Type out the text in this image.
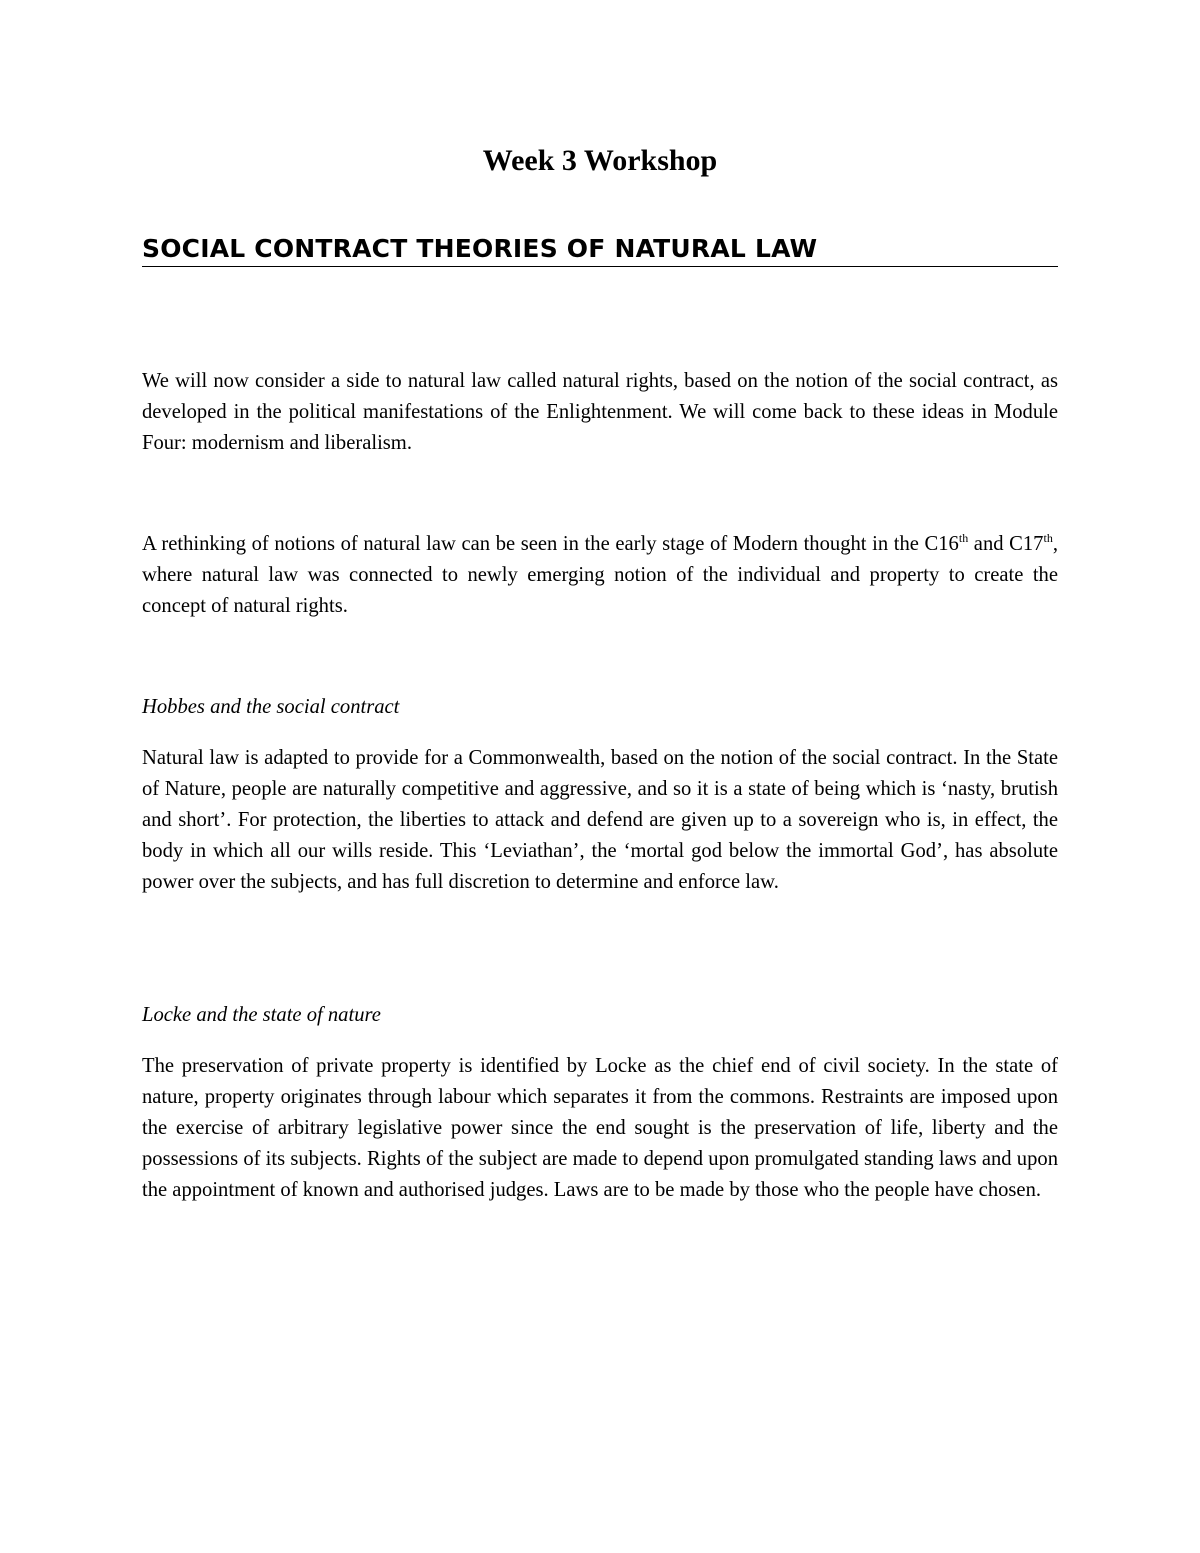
Week 3 Workshop
SOCIAL CONTRACT THEORIES OF NATURAL LAW

We will now consider a side to natural law called natural rights, based on the notion of the social contract, as developed in the political manifestations of the Enlightenment. We will come back to these ideas in Module Four: modernism and liberalism.

A rethinking of notions of natural law can be seen in the early stage of Modern thought in the C16th and C17th, where natural law was connected to newly emerging notion of the individual and property to create the concept of natural rights.

Hobbes and the social contract

Natural law is adapted to provide for a Commonwealth, based on the notion of the social contract. In the State of Nature, people are naturally competitive and aggressive, and so it is a state of being which is ‘nasty, brutish and short’. For protection, the liberties to attack and defend are given up to a sovereign who is, in effect, the body in which all our wills reside. This ‘Leviathan’, the ‘mortal god below the immortal God’, has absolute power over the subjects, and has full discretion to determine and enforce law.

Locke and the state of nature

The preservation of private property is identified by Locke as the chief end of civil society. In the state of nature, property originates through labour which separates it from the commons. Restraints are imposed upon the exercise of arbitrary legislative power since the end sought is the preservation of life, liberty and the possessions of its subjects. Rights of the subject are made to depend upon promulgated standing laws and upon the appointment of known and authorised judges. Laws are to be made by those who the people have chosen.
